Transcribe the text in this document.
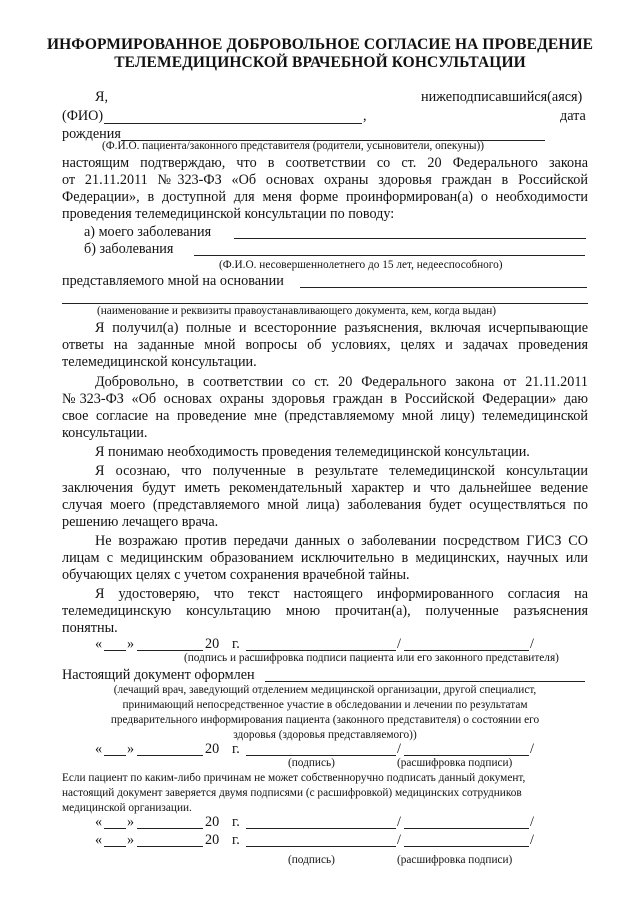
ИНФОРМИРОВАННОЕ ДОБРОВОЛЬНОЕ СОГЛАСИЕ НА ПРОВЕДЕНИЕ
ТЕЛЕМЕДИЦИНСКОЙ ВРАЧЕБНОЙ КОНСУЛЬТАЦИИ
Я,	нижеподписавшийся(аяся)
(ФИО)	,	дата
рождения
(Ф.И.О. пациента/законного представителя (родители, усыновители, опекуны))
настоящим подтверждаю, что в соответствии со ст. 20 Федерального закона
от 21.11.2011 №323-ФЗ «Об основах охраны здоровья граждан в Российской
Федерации», в доступной для меня форме проинформирован(а) о необходимости
проведения телемедицинской консультации по поводу:
а) моего заболевания
б) заболевания
(Ф.И.О. несовершеннолетнего до 15 лет, недееспособного)
представляемого мной на основании
(наименование и реквизиты правоустанавливающего документа, кем, когда выдан)
Я получил(а) полные и всесторонние разъяснения, включая исчерпывающие
ответы на заданные мной вопросы об условиях, целях и задачах проведения
телемедицинской консультации.
Добровольно, в соответствии со ст. 20 Федерального закона от 21.11.2011
№323-ФЗ «Об основах охраны здоровья граждан в Российской Федерации» даю
свое согласие на проведение мне (представляемому мной лицу) телемедицинской
консультации.
Я понимаю необходимость проведения телемедицинской консультации.
Я осознаю, что полученные в результате телемедицинской консультации
заключения будут иметь рекомендательный характер и что дальнейшее ведение
случая моего (представляемого мной лица) заболевания будет осуществляться по
решению лечащего врача.
Не возражаю против передачи данных о заболевании посредством ГИСЗ СО
лицам с медицинским образованием исключительно в медицинских, научных или
обучающих целях с учетом сохранения врачебной тайны.
Я удостоверяю, что текст настоящего информированного согласия на
телемедицинскую консультацию мною прочитан(а), полученные разъяснения
понятны.
« »	20 г.	/	/
(подпись и расшифровка подписи пациента или его законного представителя)
Настоящий документ оформлен
(лечащий врач, заведующий отделением медицинской организации, другой специалист,
принимающий непосредственное участие в обследовании и лечении по результатам
предварительного информирования пациента (законного представителя) о состоянии его
здоровья (здоровья представляемого))
« »	20 г.	/	/
(подпись)	(расшифровка подписи)
Если пациент по каким-либо причинам не может собственноручно подписать данный документ,
настоящий документ заверяется двумя подписями (с расшифровкой) медицинских сотрудников
медицинской организации.
« »	20 г.	/	/
« »	20 г.	/	/
(подпись)	(расшифровка подписи)
